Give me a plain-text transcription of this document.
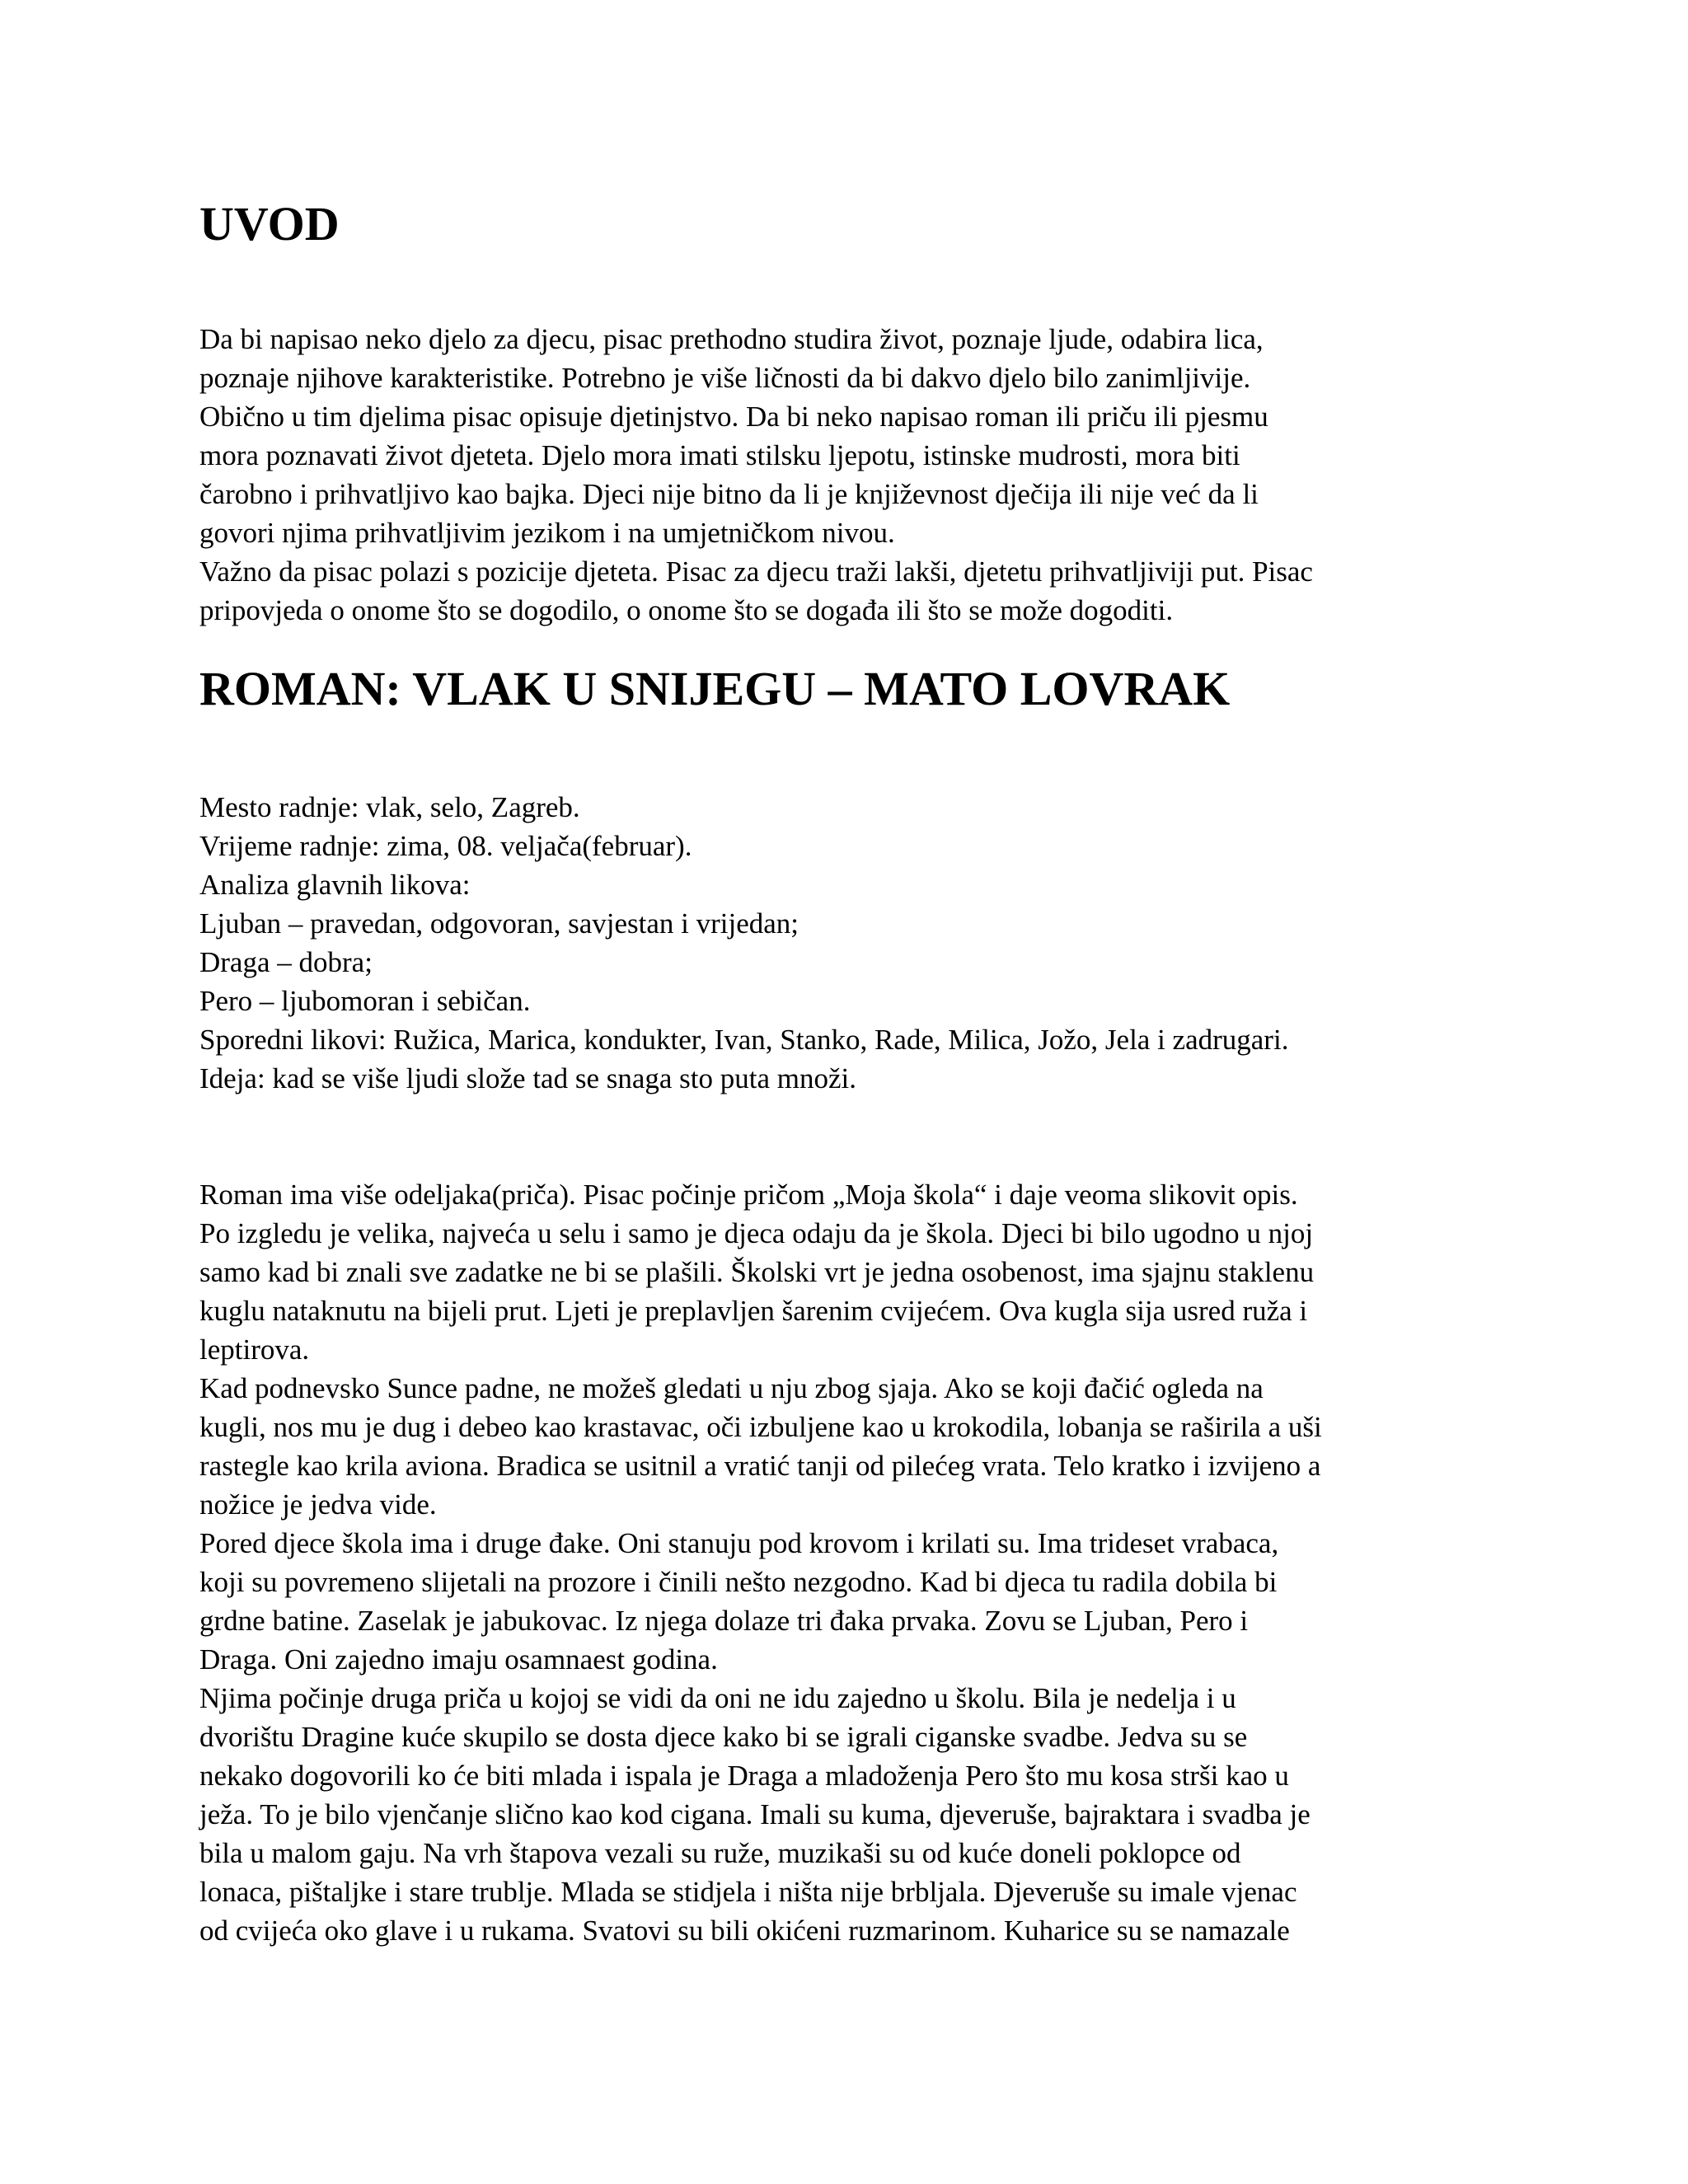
UVOD

Da bi napisao neko djelo za djecu, pisac prethodno studira život, poznaje ljude, odabira lica,

poznaje njihove karakteristike. Potrebno je više ličnosti da bi dakvo djelo bilo zanimljivije.

Obično u tim djelima pisac opisuje djetinjstvo. Da bi neko napisao roman ili priču ili pjesmu

mora poznavati život djeteta. Djelo mora imati stilsku ljepotu, istinske mudrosti, mora biti

čarobno i prihvatljivo kao bajka. Djeci nije bitno da li je književnost dječija ili nije već da li

govori njima prihvatljivim jezikom i na umjetničkom nivou.

Važno da pisac polazi s pozicije djeteta. Pisac za djecu traži lakši, djetetu prihvatljiviji put. Pisac

pripovjeda o onome što se dogodilo, o onome što se događa ili što se može dogoditi.

ROMAN: VLAK U SNIJEGU – MATO LOVRAK

Mesto radnje: vlak, selo, Zagreb.

Vrijeme radnje: zima, 08. veljača(februar).

Analiza glavnih likova:

Ljuban – pravedan, odgovoran, savjestan i vrijedan;

Draga – dobra;

Pero – ljubomoran i sebičan.

Sporedni likovi: Ružica, Marica, kondukter, Ivan, Stanko, Rade, Milica, Jožo, Jela i zadrugari.

Ideja: kad se više ljudi slože tad se snaga sto puta množi.

Roman ima više odeljaka(priča). Pisac počinje pričom „Moja škola“ i daje veoma slikovit opis.

Po izgledu je velika, najveća u selu i samo je djeca odaju da je škola. Djeci bi bilo ugodno u njoj

samo kad bi znali sve zadatke ne bi se plašili. Školski vrt je jedna osobenost, ima sjajnu staklenu

kuglu nataknutu na bijeli prut. Ljeti je preplavljen šarenim cvijećem. Ova kugla sija usred ruža i

leptirova.

Kad podnevsko Sunce padne, ne možeš gledati u nju zbog sjaja. Ako se koji đačić ogleda na

kugli, nos mu je dug i debeo kao krastavac, oči izbuljene kao u krokodila, lobanja se raširila a uši

rastegle kao krila aviona. Bradica se usitnil a vratić tanji od pilećeg vrata. Telo kratko i izvijeno a

nožice je jedva vide.

Pored djece škola ima i druge đake. Oni stanuju pod krovom i krilati su. Ima trideset vrabaca,

koji su povremeno slijetali na prozore i činili nešto nezgodno. Kad bi djeca tu radila dobila bi

grdne batine. Zaselak je jabukovac. Iz njega dolaze tri đaka prvaka. Zovu se Ljuban, Pero i

Draga. Oni zajedno imaju osamnaest godina.

Njima počinje druga priča u kojoj se vidi da oni ne idu zajedno u školu. Bila je nedelja i u

dvorištu Dragine kuće skupilo se dosta djece kako bi se igrali ciganske svadbe. Jedva su se

nekako dogovorili ko će biti mlada i ispala je Draga a mladoženja Pero što mu kosa strši kao u

ježa. To je bilo vjenčanje slično kao kod cigana. Imali su kuma, djeveruše, bajraktara i svadba je

bila u malom gaju. Na vrh štapova vezali su ruže, muzikaši su od kuće doneli poklopce od

lonaca, pištaljke i stare trublje. Mlada se stidjela i ništa nije brbljala. Djeveruše su imale vjenac

od cvijeća oko glave i u rukama. Svatovi su bili okićeni ruzmarinom. Kuharice su se namazale
